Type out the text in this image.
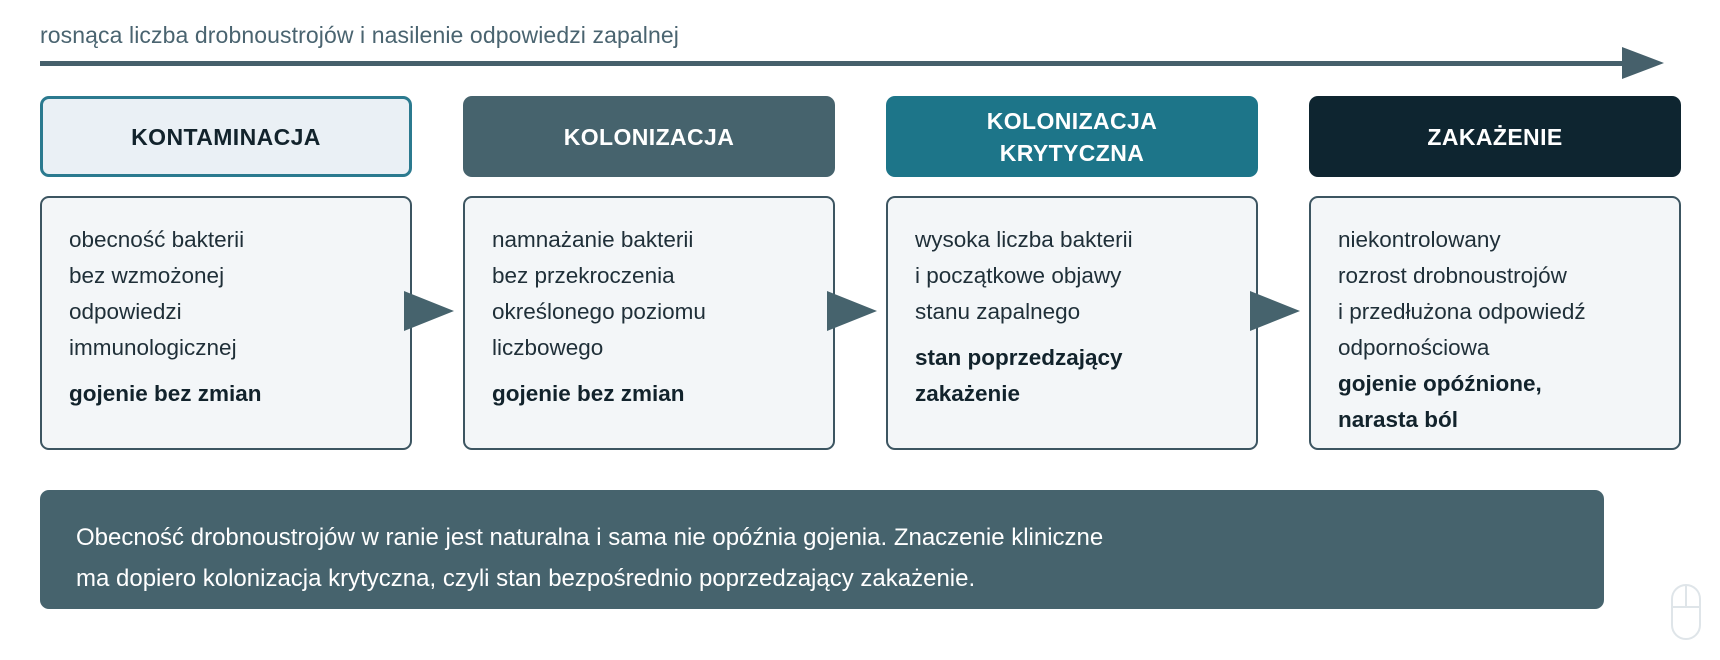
rosnąca liczba drobnoustrojów i nasilenie odpowiedzi zapalnej
KONTAMINACJA
obecność bakterii
bez wzmożonej
odpowiedzi
immunologicznej
gojenie bez zmian
KOLONIZACJA
namnażanie bakterii
bez przekroczenia
określonego poziomu
liczbowego
gojenie bez zmian
KOLONIZACJA
KRYTYCZNA
wysoka liczba bakterii
i początkowe objawy
stanu zapalnego
stan poprzedzający
zakażenie
ZAKAŻENIE
niekontrolowany
rozrost drobnoustrojów
i przedłużona odpowiedź
odpornościowa
gojenie opóźnione,
narasta ból
Obecność drobnoustrojów w ranie jest naturalna i sama nie opóźnia gojenia. Znaczenie kliniczne
ma dopiero kolonizacja krytyczna, czyli stan bezpośrednio poprzedzający zakażenie.
